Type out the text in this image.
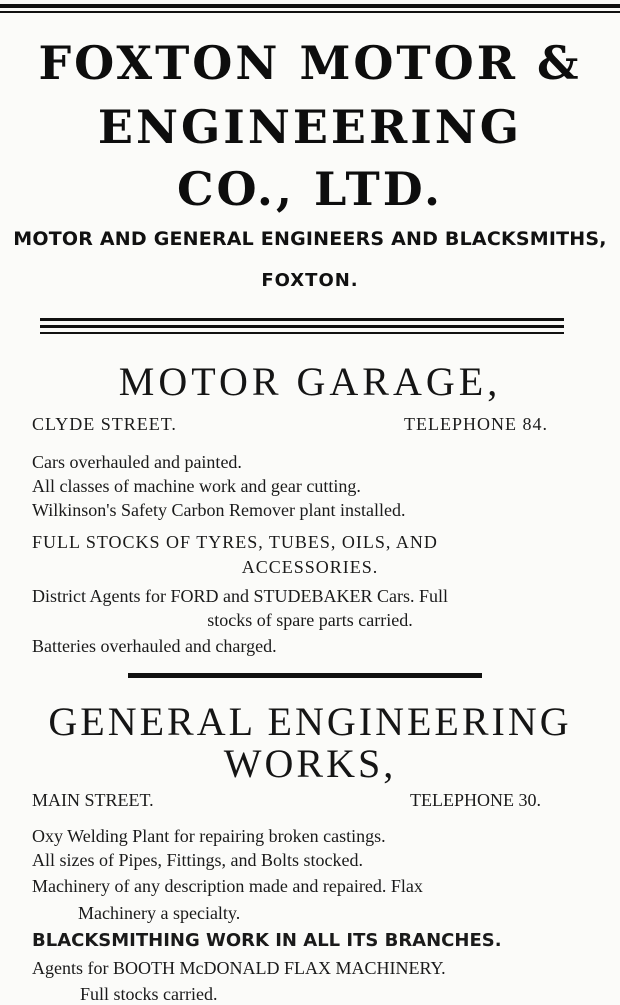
FOXTON MOTOR &
ENGINEERING
CO., LTD.
MOTOR AND GENERAL ENGINEERS AND BLACKSMITHS,
FOXTON.
MOTOR GARAGE,
CLYDE STREET.	TELEPHONE 84.
Cars overhauled and painted.
All classes of machine work and gear cutting.
Wilkinson's Safety Carbon Remover plant installed.
FULL STOCKS OF TYRES, TUBES, OILS, AND
ACCESSORIES.
District Agents for FORD and STUDEBAKER Cars. Full
stocks of spare parts carried.
Batteries overhauled and charged.
GENERAL ENGINEERING
WORKS,
MAIN STREET.	TELEPHONE 30.
Oxy Welding Plant for repairing broken castings.
All sizes of Pipes, Fittings, and Bolts stocked.
Machinery of any description made and repaired. Flax
Machinery a specialty.
BLACKSMITHING WORK IN ALL ITS BRANCHES.
Agents for BOOTH McDONALD FLAX MACHINERY.
Full stocks carried.
